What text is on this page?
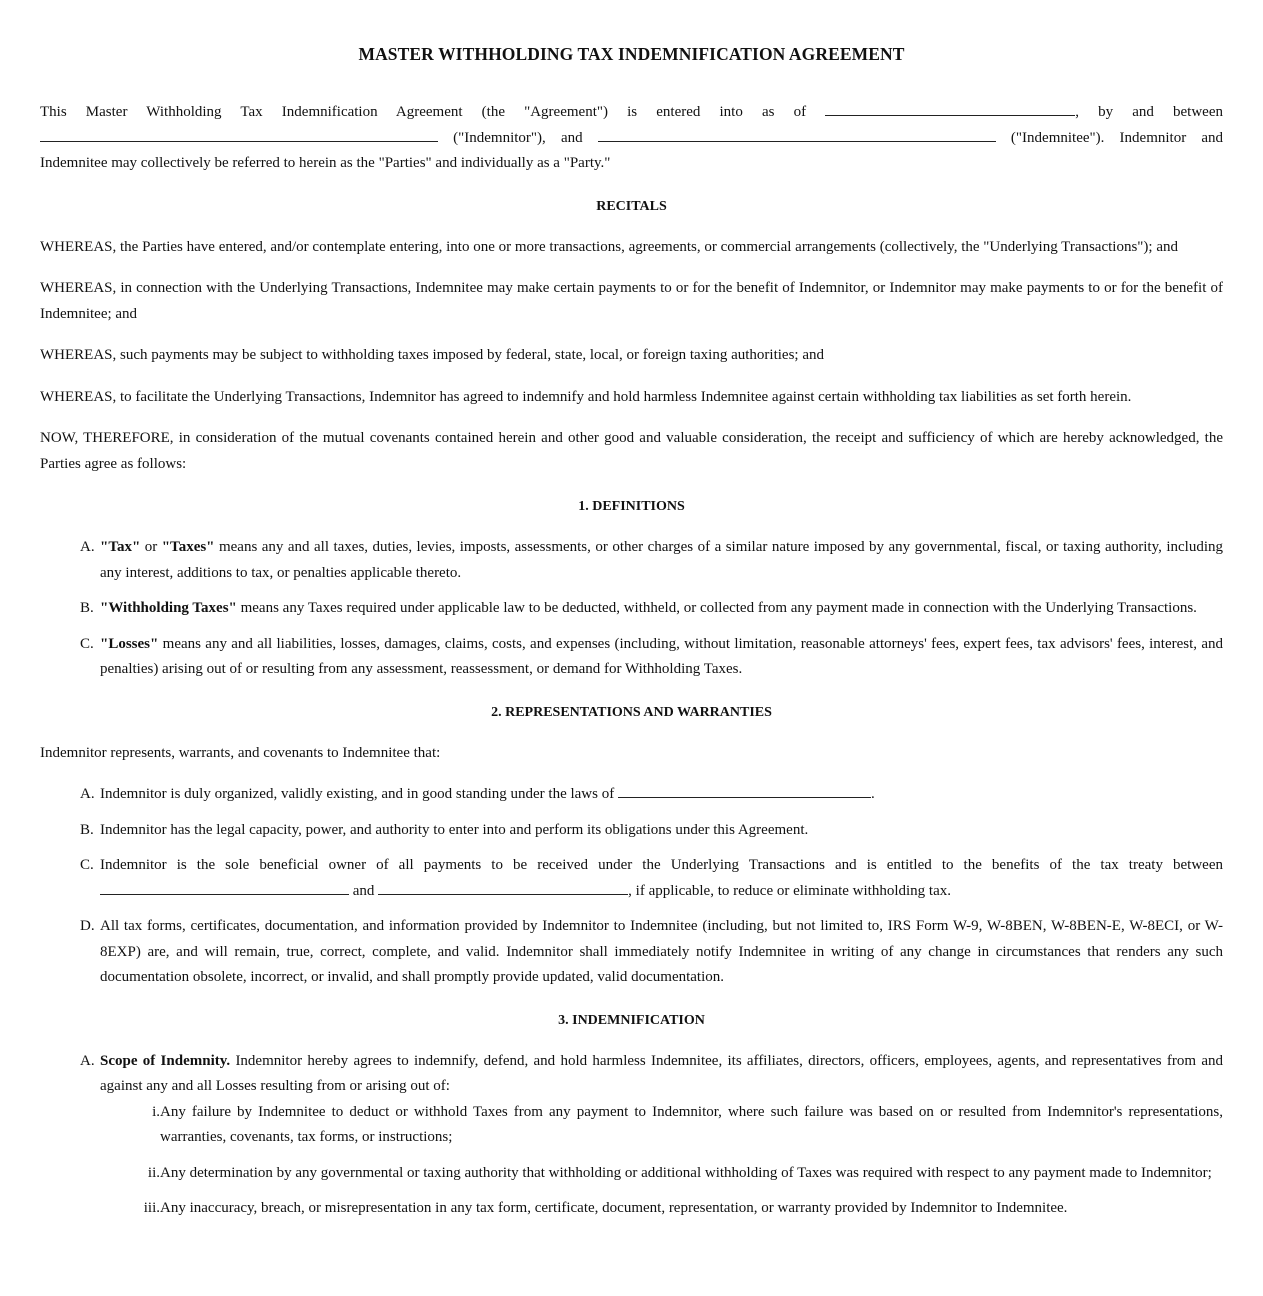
MASTER WITHHOLDING TAX INDEMNIFICATION AGREEMENT

This Master Withholding Tax Indemnification Agreement (the "Agreement") is entered into as of	, by and between  ("Indemnitor"), and	("Indemnitee"). Indemnitor and Indemnitee may collectively be referred to herein as the "Parties" and individually as a "Party."

RECITALS

WHEREAS, the Parties have entered, and/or contemplate entering, into one or more transactions, agreements, or commercial arrangements (collectively, the "Underlying Transactions"); and

WHEREAS, in connection with the Underlying Transactions, Indemnitee may make certain payments to or for the benefit of Indemnitor, or Indemnitor may make payments to or for the benefit of Indemnitee; and

WHEREAS, such payments may be subject to withholding taxes imposed by federal, state, local, or foreign taxing authorities; and

WHEREAS, to facilitate the Underlying Transactions, Indemnitor has agreed to indemnify and hold harmless Indemnitee against certain withholding tax liabilities as set forth herein.

NOW, THEREFORE, in consideration of the mutual covenants contained herein and other good and valuable consideration, the receipt and sufficiency of which are hereby acknowledged, the Parties agree as follows:

1. DEFINITIONS
A. "Tax" or "Taxes" means any and all taxes, duties, levies, imposts, assessments, or other charges of a similar nature imposed by any governmental, fiscal, or taxing authority, including any interest, additions to tax, or penalties applicable thereto.
B. "Withholding Taxes" means any Taxes required under applicable law to be deducted, withheld, or collected from any payment made in connection with the Underlying Transactions.
C. "Losses" means any and all liabilities, losses, damages, claims, costs, and expenses (including, without limitation, reasonable attorneys' fees, expert fees, tax advisors' fees, interest, and penalties) arising out of or resulting from any assessment, reassessment, or demand for Withholding Taxes.
2. REPRESENTATIONS AND WARRANTIES

Indemnitor represents, warrants, and covenants to Indemnitee that:

A. Indemnitor is duly organized, validly existing, and in good standing under the laws of	.
B. Indemnitor has the legal capacity, power, and authority to enter into and perform its obligations under this Agreement.
C. Indemnitor is the sole beneficial owner of all payments to be received under the Underlying Transactions and is entitled to the benefits of the tax treaty between  and	, if applicable, to reduce or eliminate withholding tax.
D. All tax forms, certificates, documentation, and information provided by Indemnitor to Indemnitee (including, but not limited to, IRS Form W-9, W-8BEN, W-8BEN-E, W-8ECI, or W-8EXP) are, and will remain, true, correct, complete, and valid. Indemnitor shall immediately notify Indemnitee in writing of any change in circumstances that renders any such documentation obsolete, incorrect, or invalid, and shall promptly provide updated, valid documentation.
3. INDEMNIFICATION
A. Scope of Indemnity. Indemnitor hereby agrees to indemnify, defend, and hold harmless Indemnitee, its affiliates, directors, officers, employees, agents, and representatives from and against any and all Losses resulting from or arising out of:
i. Any failure by Indemnitee to deduct or withhold Taxes from any payment to Indemnitor, where such failure was based on or resulted from Indemnitor's representations, warranties, covenants, tax forms, or instructions;
ii. Any determination by any governmental or taxing authority that withholding or additional withholding of Taxes was required with respect to any payment made to Indemnitor;
iii. Any inaccuracy, breach, or misrepresentation in any tax form, certificate, document, representation, or warranty provided by Indemnitor to Indemnitee.
